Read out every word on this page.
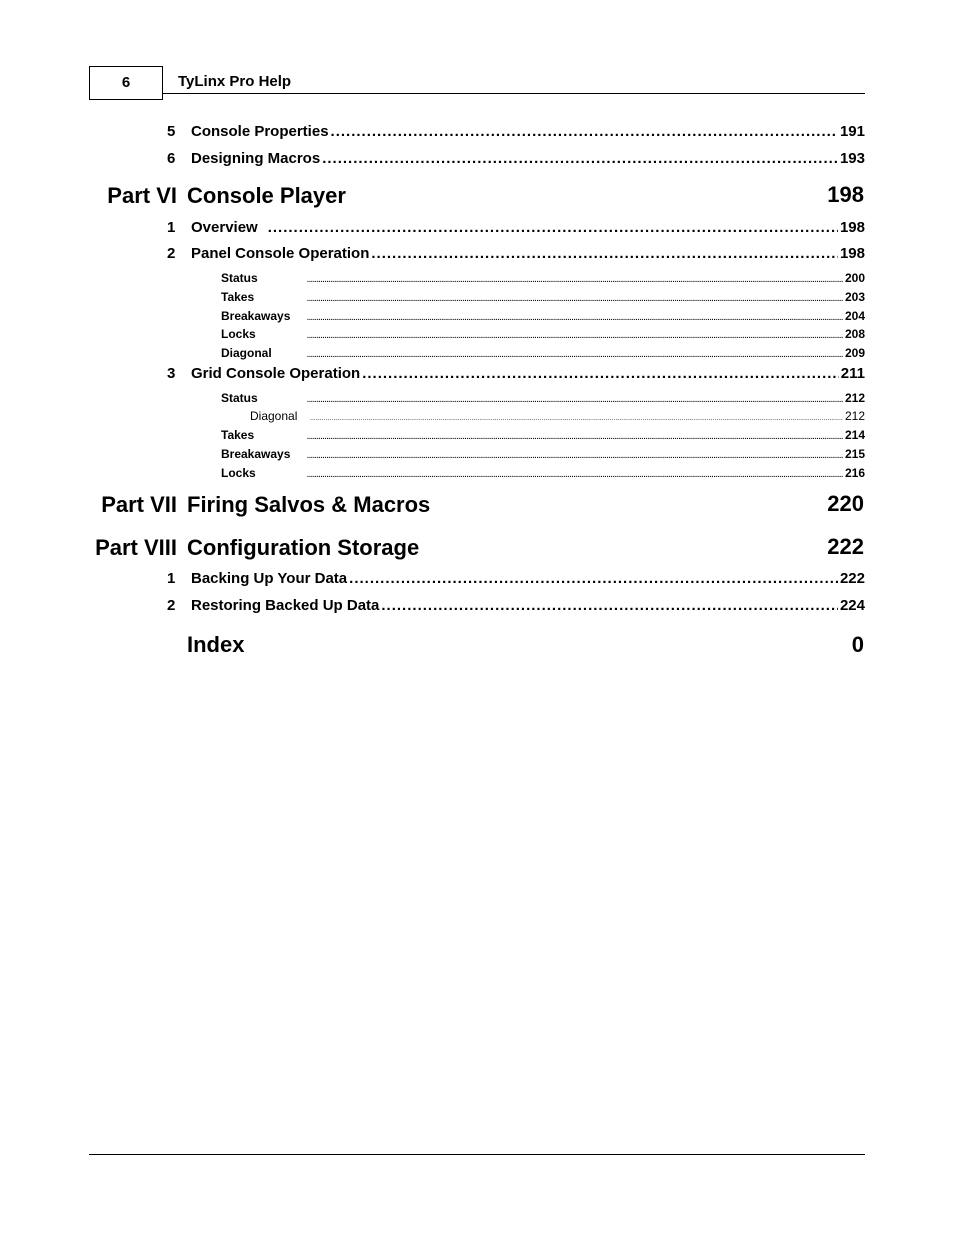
6	TyLinx Pro Help
5	Console Properties .....	191
6	Designing Macros .....	193
Part VI Console Player	198
1	Overview .....	198
2	Panel Console Operation .....	198
Status .....	200
Takes .....	203
Breakaways .....	204
Locks .....	208
Diagonal .....	209
3	Grid Console Operation .....	211
Status .....	212
Diagonal .....	212
Takes .....	214
Breakaways .....	215
Locks .....	216
Part VII Firing Salvos & Macros	220
Part VIII Configuration Storage	222
1	Backing Up Your Data .....	222
2	Restoring Backed Up Data .....	224
Index	0
